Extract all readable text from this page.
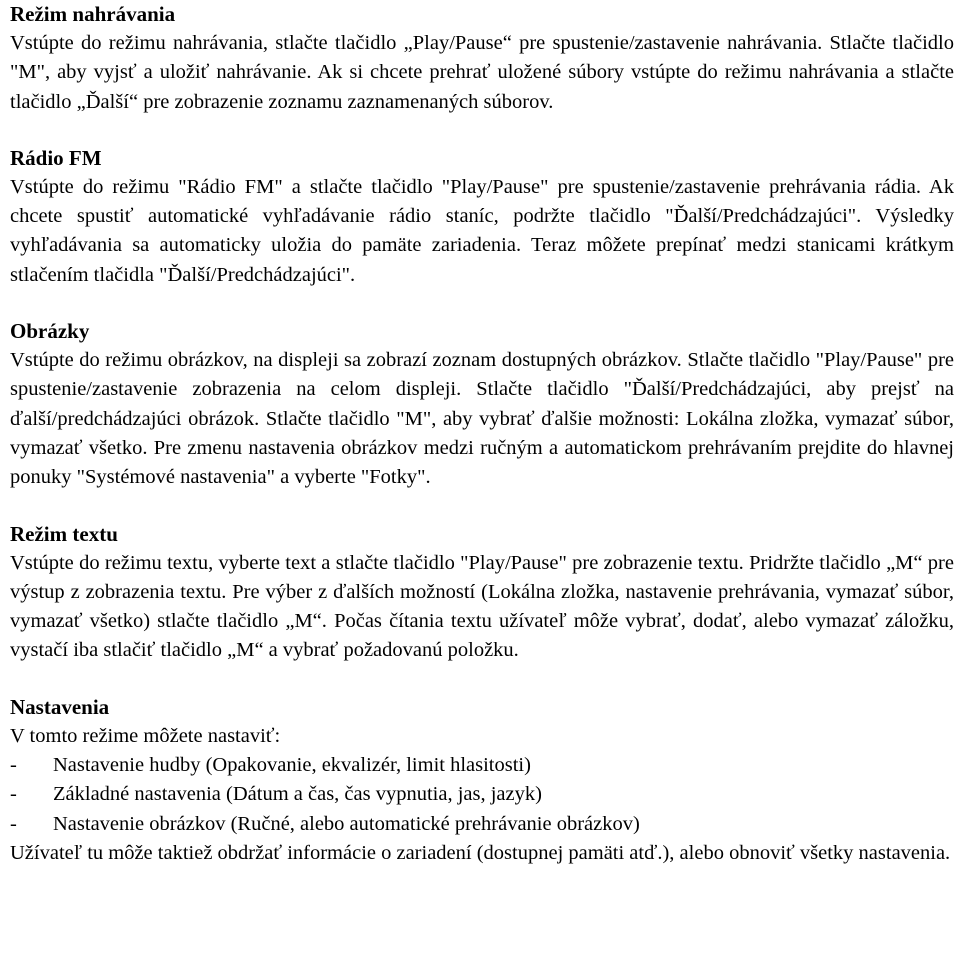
Režim nahrávania

Vstúpte do režimu nahrávania, stlačte tlačidlo „Play/Pause“ pre spustenie/zastavenie nahrávania. Stlačte tlačidlo "M", aby vyjsť a uložiť nahrávanie. Ak si chcete prehrať uložené súbory vstúpte do režimu nahrávania a stlačte tlačidlo „Ďalší“ pre zobrazenie zoznamu zaznamenaných súborov.

Rádio FM

Vstúpte do režimu "Rádio FM" a stlačte tlačidlo "Play/Pause" pre spustenie/zastavenie prehrávania rádia. Ak chcete spustiť automatické vyhľadávanie rádio staníc, podržte tlačidlo "Ďalší/Predchádzajúci". Výsledky vyhľadávania sa automaticky uložia do pamäte zariadenia. Teraz môžete prepínať medzi stanicami krátkym stlačením tlačidla "Ďalší/Predchádzajúci".

Obrázky

Vstúpte do režimu obrázkov, na displeji sa zobrazí zoznam dostupných obrázkov. Stlačte tlačidlo "Play/Pause" pre spustenie/zastavenie zobrazenia na celom displeji. Stlačte tlačidlo "Ďalší/Predchádzajúci, aby prejsť na ďalší/predchádzajúci obrázok. Stlačte tlačidlo "M", aby vybrať ďalšie možnosti: Lokálna zložka, vymazať súbor, vymazať všetko. Pre zmenu nastavenia obrázkov medzi ručným a automatickom prehrávaním prejdite do hlavnej ponuky "Systémové nastavenia" a vyberte "Fotky".

Režim textu

Vstúpte do režimu textu, vyberte text a stlačte tlačidlo "Play/Pause" pre zobrazenie textu. Pridržte tlačidlo „M“ pre výstup z zobrazenia textu. Pre výber z ďalších možností (Lokálna zložka, nastavenie prehrávania, vymazať súbor, vymazať všetko) stlačte tlačidlo „M“. Počas čítania textu užívateľ môže vybrať, dodať, alebo vymazať záložku, vystačí iba stlačiť tlačidlo „M“ a vybrať požadovanú položku.

Nastavenia

V tomto režime môžete nastaviť:

-	Nastavenie hudby (Opakovanie, ekvalizér, limit hlasitosti)
-	Základné nastavenia (Dátum a čas, čas vypnutia, jas, jazyk)
-	Nastavenie obrázkov (Ručné, alebo automatické prehrávanie obrázkov)

Užívateľ tu môže taktiež obdržať informácie o zariadení (dostupnej pamäti atď.), alebo obnoviť všetky nastavenia.
